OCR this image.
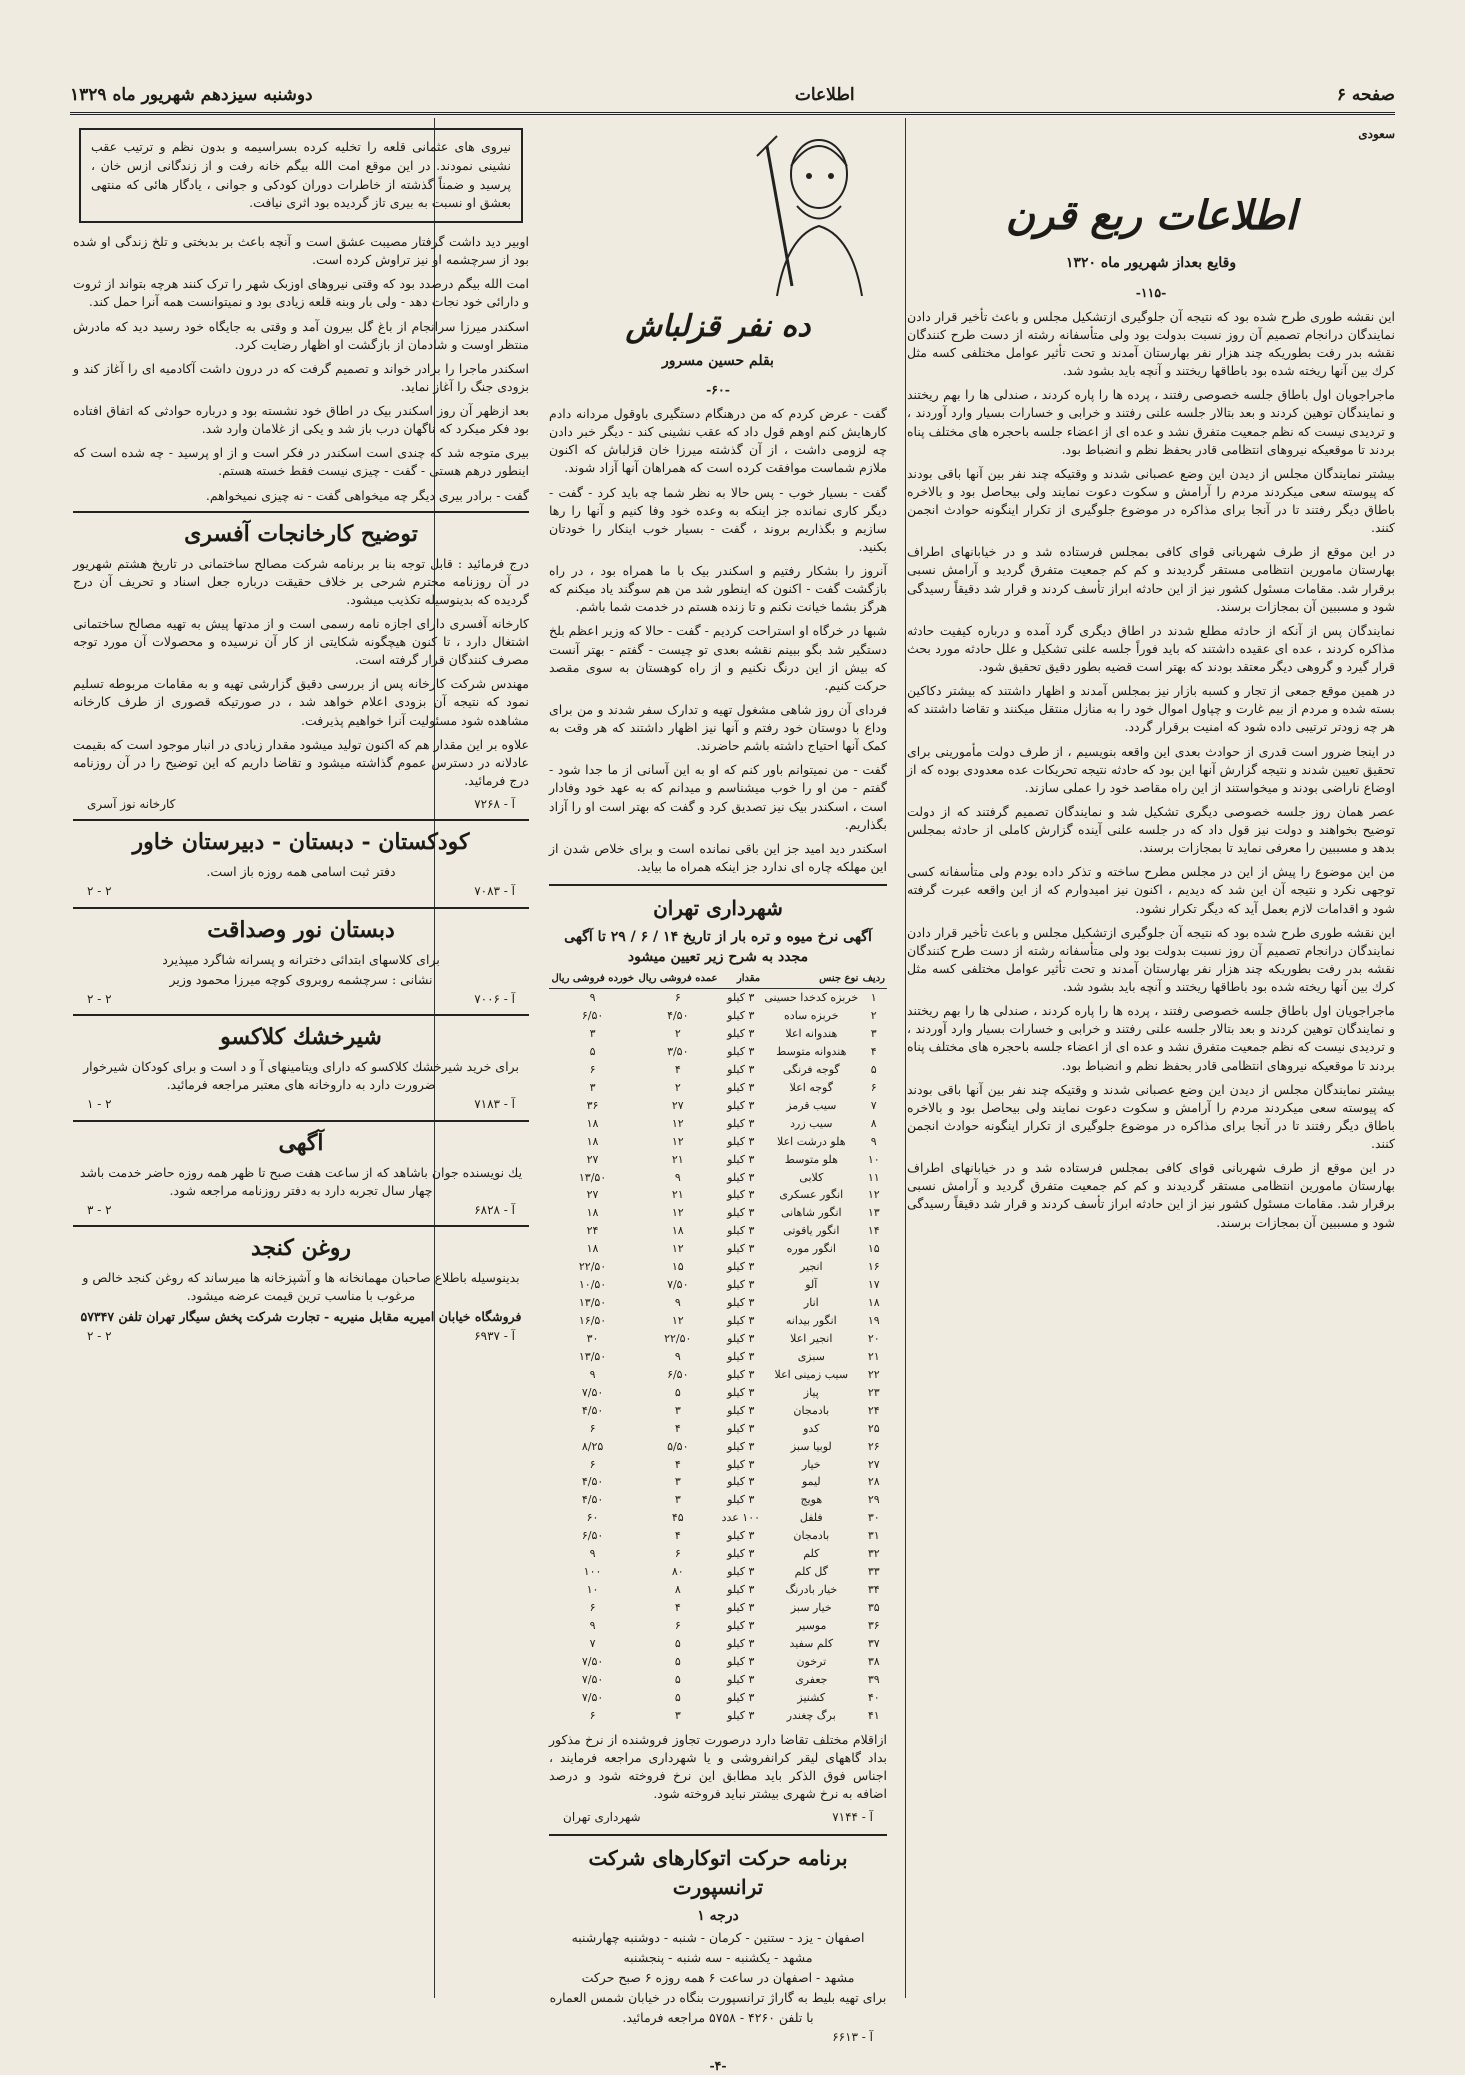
صفحه ۶
اطلاعات
دوشنبه سیزدهم شهریور ماه ۱۳۲۹
سعودی
اطلاعات ربع قرن
وقایع بعداز شهریور ماه ۱۳۲۰
-۱۱۵-

این نقشه طوری طرح شده بود که نتیجه آن جلوگیری ازتشکیل مجلس و باعث تأخیر قرار دادن نمایندگان درانجام تصمیم آن روز نسبت بدولت بود ولی متأسفانه رشته از دست طرح کنندگان نقشه بدر رفت بطوریکه چند هزار نفر بهارستان آمدند و تحت تأثیر عوامل مختلفی کسه مثل کرك بین آنها ریخته شده بود باطاقها ریختند و آنچه باید بشود شد.

ماجراجویان اول باطاق جلسه خصوصی رفتند ، پرده ها را پاره کردند ، صندلی ها را بهم ریختند و نمایندگان توهین کردند و بعد بتالار جلسه علنی رفتند و خرابی و خسارات بسیار وارد آوردند ، و تردیدی نیست که نظم جمعیت متفرق نشد و عده ای از اعضاء جلسه باحجره های مختلف پناه بردند تا موقعیکه نیروهای انتظامی قادر بحفظ نظم و انضباط بود.

بیشتر نمایندگان مجلس از دیدن این وضع عصبانی شدند و وقتیکه چند نفر بین آنها باقی بودند که پیوسته سعی میکردند مردم را آرامش و سکوت دعوت نمایند ولی بیحاصل بود و بالاخره باطاق دیگر رفتند تا در آنجا برای مذاکره در موضوع جلوگیری از تکرار اینگونه حوادث انجمن کنند.

در این موقع از طرف شهربانی قوای کافی بمجلس فرستاده شد و در خیابانهای اطراف بهارستان مامورین انتظامی مستقر گردیدند و کم کم جمعیت متفرق گردید و آرامش نسبی برقرار شد. مقامات مسئول کشور نیز از این حادثه ابراز تأسف کردند و قرار شد دقیقاً رسیدگی شود و مسببین آن بمجازات برسند.

نمایندگان پس از آنکه از حادثه مطلع شدند در اطاق دیگری گرد آمده و درباره کیفیت حادثه مذاکره کردند ، عده ای عقیده داشتند که باید فوراً جلسه علنی تشکیل و علل حادثه مورد بحث قرار گیرد و گروهی دیگر معتقد بودند که بهتر است قضیه بطور دقیق تحقیق شود.

در همین موقع جمعی از تجار و کسبه بازار نیز بمجلس آمدند و اظهار داشتند که بیشتر دکاکین بسته شده و مردم از بیم غارت و چپاول اموال خود را به منازل منتقل میکنند و تقاضا داشتند که هر چه زودتر ترتیبی داده شود که امنیت برقرار گردد.

در اینجا ضرور است قدری از حوادث بعدی این واقعه بنویسیم ، از طرف دولت مأمورینی برای تحقیق تعیین شدند و نتیجه گزارش آنها این بود که حادثه نتیجه تحریکات عده معدودی بوده که از اوضاع ناراضی بودند و میخواستند از این راه مقاصد خود را عملی سازند.

عصر همان روز جلسه خصوصی دیگری تشکیل شد و نمایندگان تصمیم گرفتند که از دولت توضیح بخواهند و دولت نیز قول داد که در جلسه علنی آینده گزارش کاملی از حادثه بمجلس بدهد و مسببین را معرفی نماید تا بمجازات برسند.

من این موضوع را پیش از این در مجلس مطرح ساخته و تذکر داده بودم ولی متأسفانه کسی توجهی نکرد و نتیجه آن این شد که دیدیم ، اکنون نیز امیدوارم که از این واقعه عبرت گرفته شود و اقدامات لازم بعمل آید که دیگر تکرار نشود.

این نقشه طوری طرح شده بود که نتیجه آن جلوگیری ازتشکیل مجلس و باعث تأخیر قرار دادن نمایندگان درانجام تصمیم آن روز نسبت بدولت بود ولی متأسفانه رشته از دست طرح کنندگان نقشه بدر رفت بطوریکه چند هزار نفر بهارستان آمدند و تحت تأثیر عوامل مختلفی کسه مثل کرك بین آنها ریخته شده بود باطاقها ریختند و آنچه باید بشود شد.

ماجراجویان اول باطاق جلسه خصوصی رفتند ، پرده ها را پاره کردند ، صندلی ها را بهم ریختند و نمایندگان توهین کردند و بعد بتالار جلسه علنی رفتند و خرابی و خسارات بسیار وارد آوردند ، و تردیدی نیست که نظم جمعیت متفرق نشد و عده ای از اعضاء جلسه باحجره های مختلف پناه بردند تا موقعیکه نیروهای انتظامی قادر بحفظ نظم و انضباط بود.

بیشتر نمایندگان مجلس از دیدن این وضع عصبانی شدند و وقتیکه چند نفر بین آنها باقی بودند که پیوسته سعی میکردند مردم را آرامش و سکوت دعوت نمایند ولی بیحاصل بود و بالاخره باطاق دیگر رفتند تا در آنجا برای مذاکره در موضوع جلوگیری از تکرار اینگونه حوادث انجمن کنند.

در این موقع از طرف شهربانی قوای کافی بمجلس فرستاده شد و در خیابانهای اطراف بهارستان مامورین انتظامی مستقر گردیدند و کم کم جمعیت متفرق گردید و آرامش نسبی برقرار شد. مقامات مسئول کشور نیز از این حادثه ابراز تأسف کردند و قرار شد دقیقاً رسیدگی شود و مسببین آن بمجازات برسند.

ده نفر قزلباش
بقلم حسین مسرور
-۶۰-

گفت - عرض کردم که من درهنگام دستگیری باوقول مردانه دادم کارهایش کنم اوهم قول داد که عقب نشینی کند - دیگر خبر دادن چه لزومی داشت ، از آن گذشته میرزا خان قزلباش که اکنون ملازم شماست موافقت کرده است که همراهان آنها آزاد شوند.

گفت - بسیار خوب - پس حالا به نظر شما چه باید کرد - گفت - دیگر کاری نمانده جز اینکه به وعده خود وفا کنیم و آنها را رها سازیم و بگذاریم بروند ، گفت - بسیار خوب اینکار را خودتان بکنید.

آنروز را بشکار رفتیم و اسکندر بیک با ما همراه بود ، در راه بازگشت گفت - اکنون که اینطور شد من هم سوگند یاد میکنم که هرگز بشما خیانت نکنم و تا زنده هستم در خدمت شما باشم.

شبها در خرگاه او استراحت کردیم - گفت - حالا که وزیر اعظم بلخ دستگیر شد بگو ببینم نقشه بعدی تو چیست - گفتم - بهتر آنست که بیش از این درنگ نکنیم و از راه کوهستان به سوی مقصد حرکت کنیم.

فردای آن روز شاهی مشغول تهیه و تدارک سفر شدند و من برای وداع با دوستان خود رفتم و آنها نیز اظهار داشتند که هر وقت به کمک آنها احتیاج داشته باشم حاضرند.

گفت - من نمیتوانم باور کنم که او به این آسانی از ما جدا شود - گفتم - من او را خوب میشناسم و میدانم که به عهد خود وفادار است ، اسکندر بیک نیز تصدیق کرد و گفت که بهتر است او را آزاد بگذاریم.

اسکندر دید امید جز این باقی نمانده است و برای خلاص شدن از این مهلکه چاره ای ندارد جز اینکه همراه ما بیاید.

شهرداری تهران
آگهی نرخ میوه و تره بار از تاریخ ۱۴ / ۶ / ۲۹ تا آگهی مجدد به شرح زیر تعیین میشود
ردیف	نوع جنس	مقدار	عمده فروشی ریال	خورده فروشی ریال
۱	خربزه کدخدا حسینی	۳ کیلو	۶	۹
۲	خربزه ساده	۳ کیلو	۴/۵۰	۶/۵۰
۳	هندوانه اعلا	۳ کیلو	۲	۳
۴	هندوانه متوسط	۳ کیلو	۳/۵۰	۵
۵	گوجه فرنگی	۳ کیلو	۴	۶
۶	گوجه اعلا	۳ کیلو	۲	۳
۷	سیب قرمز	۳ کیلو	۲۷	۳۶
۸	سیب زرد	۳ کیلو	۱۲	۱۸
۹	هلو درشت اعلا	۳ کیلو	۱۲	۱۸
۱۰	هلو متوسط	۳ کیلو	۲۱	۲۷
۱۱	کلابی	۳ کیلو	۹	۱۳/۵۰
۱۲	انگور عسکری	۳ کیلو	۲۱	۲۷
۱۳	انگور شاهانی	۳ کیلو	۱۲	۱۸
۱۴	انگور یاقوتی	۳ کیلو	۱۸	۲۴
۱۵	انگور موره	۳ کیلو	۱۲	۱۸
۱۶	انجیر	۳ کیلو	۱۵	۲۲/۵۰
۱۷	آلو	۳ کیلو	۷/۵۰	۱۰/۵۰
۱۸	انار	۳ کیلو	۹	۱۳/۵۰
۱۹	انگور بیدانه	۳ کیلو	۱۲	۱۶/۵۰
۲۰	انجیر اعلا	۳ کیلو	۲۲/۵۰	۳۰
۲۱	سبزی	۳ کیلو	۹	۱۳/۵۰
۲۲	سیب زمینی اعلا	۳ کیلو	۶/۵۰	۹
۲۳	پیاز	۳ کیلو	۵	۷/۵۰
۲۴	بادمجان	۳ کیلو	۳	۴/۵۰
۲۵	کدو	۳ کیلو	۴	۶
۲۶	لوبیا سبز	۳ کیلو	۵/۵۰	۸/۲۵
۲۷	خیار	۳ کیلو	۴	۶
۲۸	لیمو	۳ کیلو	۳	۴/۵۰
۲۹	هویج	۳ کیلو	۳	۴/۵۰
۳۰	فلفل	۱۰۰ عدد	۴۵	۶۰
۳۱	بادمجان	۳ کیلو	۴	۶/۵۰
۳۲	کلم	۳ کیلو	۶	۹
۳۳	گل کلم	۳ کیلو	۸۰	۱۰۰
۳۴	خیار بادرنگ	۳ کیلو	۸	۱۰
۳۵	خیار سبز	۳ کیلو	۴	۶
۳۶	موسیر	۳ کیلو	۶	۹
۳۷	کلم سفید	۳ کیلو	۵	۷
۳۸	ترخون	۳ کیلو	۵	۷/۵۰
۳۹	جعفری	۳ کیلو	۵	۷/۵۰
۴۰	کشنیز	۳ کیلو	۵	۷/۵۰
۴۱	برگ چغندر	۳ کیلو	۳	۶

ازاقلام مختلف تقاضا دارد درصورت تجاوز فروشنده از نرخ مذکور بداد گاههای لیقر کرانفروشی و یا شهرداری مراجعه فرمایند ، اجناس فوق الذکر باید مطابق این نرخ فروخته شود و درصد اضافه به نرخ شهری بیشتر نباید فروخته شود.

آ - ۷۱۴۴
شهرداری تهران
برنامه حرکت اتوکارهای شرکت ترانسپورت
درجه ۱
اصفهان - یزد - ستنین - کرمان - شنبه - دوشنبه چهارشنبه
مشهد - یکشنبه - سه شنبه - پنجشنبه
مشهد - اصفهان در ساعت ۶ همه روزه ۶ صبح حرکت
برای تهیه بلیط به گاراژ ترانسپورت بنگاه در خیابان شمس العماره
با تلفن ۴۲۶۰ - ۵۷۵۸ مراجعه فرمائید.
آ - ۶۶۱۳
-۴-
نیروی های عثمانی قلعه را تخلیه کرده بسراسیمه و بدون نظم و ترتیب عقب نشینی نمودند. در این موقع امت الله بیگم خانه رفت و از زندگانی ازس خان ، پرسید و ضمناً گذشته از خاطرات دوران کودکی و جوانی ، یادگار هائی که منتهی بعشق او نسبت به بیری تاز گردیده بود اثری نیافت.

اوبیر دید داشت گرفتار مصیبت عشق است و آنچه باعث بر بدبختی و تلخ زندگی او شده بود از سرچشمه او نیز تراوش کرده است.

امت الله بیگم درصدد بود که وقتی نیروهای اوزبک شهر را ترک کنند هرچه بتواند از ثروت و دارائی خود نجات دهد - ولی بار وبنه قلعه زیادی بود و نمیتوانست همه آنرا حمل کند.

اسکندر میرزا سرانجام از باغ گل بیرون آمد و وقتی به جایگاه خود رسید دید که مادرش منتظر اوست و شادمان از بازگشت او اظهار رضایت کرد.

اسکندر ماجرا را برادر خواند و تصمیم گرفت که در درون داشت آکادمیه ای را آغاز کند و بزودی جنگ را آغاز نماید.

بعد ازظهر آن روز اسکندر بیک در اطاق خود نشسته بود و درباره حوادثی که اتفاق افتاده بود فکر میکرد که ناگهان درب باز شد و یکی از غلامان وارد شد.

بیری متوجه شد که چندی است اسکندر در فکر است و از او پرسید - چه شده است که اینطور درهم هستی - گفت - چیزی نیست فقط خسته هستم.

گفت - برادر بیری دیگر چه میخواهی گفت - نه چیزی نمیخواهم.

توضیح کارخانجات آفسری

درج فرمائید : قابل توجه بنا بر برنامه شرکت مصالح ساختمانی در تاریخ هشتم شهریور در آن روزنامه محترم شرحی بر خلاف حقیقت درباره جعل اسناد و تحریف آن درج گردیده که بدینوسیله تکذیب میشود.

کارخانه آفسری دارای اجازه نامه رسمی است و از مدتها پیش به تهیه مصالح ساختمانی اشتغال دارد ، تا کنون هیچگونه شکایتی از کار آن نرسیده و محصولات آن مورد توجه مصرف کنندگان قرار گرفته است.

مهندس شرکت کارخانه پس از بررسی دقیق گزارشی تهیه و به مقامات مربوطه تسلیم نمود که نتیجه آن بزودی اعلام خواهد شد ، در صورتیکه قصوری از طرف کارخانه مشاهده شود مسئولیت آنرا خواهیم پذیرفت.

علاوه بر این مقدار هم که اکنون تولید میشود مقدار زیادی در انبار موجود است که بقیمت عادلانه در دسترس عموم گذاشته میشود و تقاضا داریم که این توضیح را در آن روزنامه درج فرمائید.

آ - ۷۲۶۸
کارخانه نوز آسری
کودکستان - دبستان - دبیرستان خاور
دفتر ثبت اسامی همه روزه باز است.
آ - ۷۰۸۳
۲ - ۲
دبستان نور وصداقت
برای کلاسهای ابتدائی دخترانه و پسرانه شاگرد میپذیرد
نشانی : سرچشمه روبروی کوچه میرزا محمود وزیر
آ - ۷۰۰۶
۲ - ۲
شیرخشك كلاكسو
برای خرید شیرخشك كلاكسو که دارای ویتامینهای آ و د است و برای کودکان شیرخوار ضرورت دارد به داروخانه های معتبر مراجعه فرمائید.
آ - ۷۱۸۳
۲ - ۱
آگهی
یك نویسنده جوان باشاهد که از ساعت هفت صبح تا ظهر همه روزه حاضر خدمت باشد چهار سال تجربه دارد به دفتر روزنامه مراجعه شود.
آ - ۶۸۲۸
۲ - ۳
روغن كنجد
بدینوسیله باطلاع صاحبان مهمانخانه ها و آشپزخانه ها میرساند که روغن کنجد خالص و مرغوب با مناسب ترین قیمت عرضه میشود.
فروشگاه خیابان امیریه مقابل منیریه - تجارت شرکت پخش سیگار تهران تلفن ۵۷۳۴۷
آ - ۶۹۳۷
۲ - ۲
